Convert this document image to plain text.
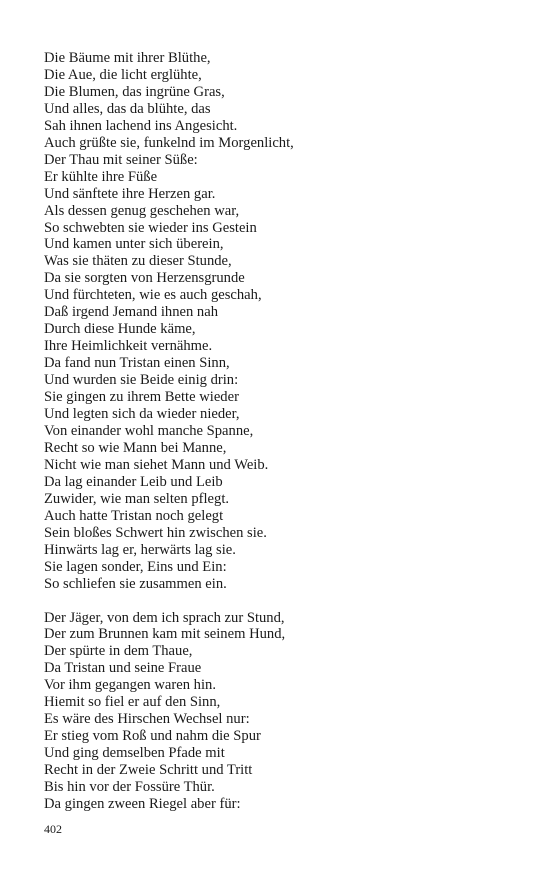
Die Bäume mit ihrer Blüthe,
Die Aue, die licht erglühte,
Die Blumen, das ingrüne Gras,
Und alles, das da blühte, das
Sah ihnen lachend ins Angesicht.
Auch grüßte sie, funkelnd im Morgenlicht,
Der Thau mit seiner Süße:
Er kühlte ihre Füße
Und sänftete ihre Herzen gar.
Als dessen genug geschehen war,
So schwebten sie wieder ins Gestein
Und kamen unter sich überein,
Was sie thäten zu dieser Stunde,
Da sie sorgten von Herzensgrunde
Und fürchteten, wie es auch geschah,
Daß irgend Jemand ihnen nah
Durch diese Hunde käme,
Ihre Heimlichkeit vernähme.
Da fand nun Tristan einen Sinn,
Und wurden sie Beide einig drin:
Sie gingen zu ihrem Bette wieder
Und legten sich da wieder nieder,
Von einander wohl manche Spanne,
Recht so wie Mann bei Manne,
Nicht wie man siehet Mann und Weib.
Da lag einander Leib und Leib
Zuwider, wie man selten pflegt.
Auch hatte Tristan noch gelegt
Sein bloßes Schwert hin zwischen sie.
Hinwärts lag er, herwärts lag sie.
Sie lagen sonder, Eins und Ein:
So schliefen sie zusammen ein.
Der Jäger, von dem ich sprach zur Stund,
Der zum Brunnen kam mit seinem Hund,
Der spürte in dem Thaue,
Da Tristan und seine Fraue
Vor ihm gegangen waren hin.
Hiemit so fiel er auf den Sinn,
Es wäre des Hirschen Wechsel nur:
Er stieg vom Roß und nahm die Spur
Und ging demselben Pfade mit
Recht in der Zweie Schritt und Tritt
Bis hin vor der Fossüre Thür.
Da gingen zween Riegel aber für:
402
